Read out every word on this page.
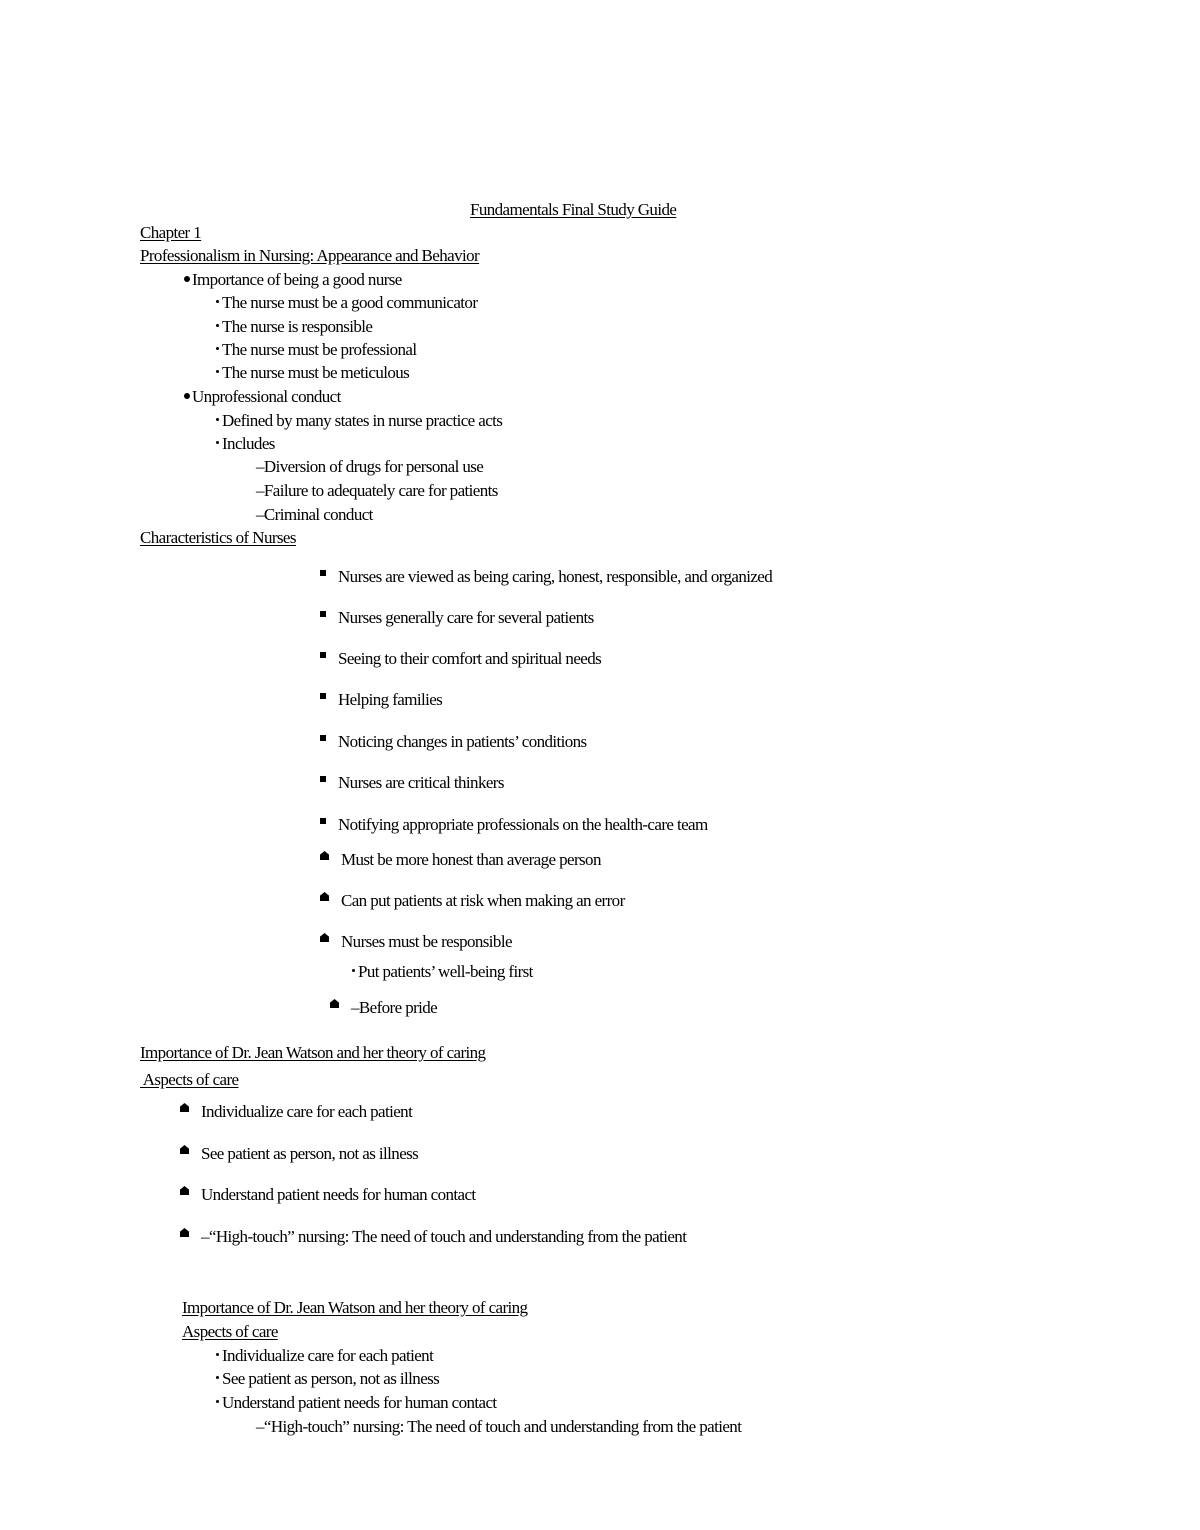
Fundamentals Final Study Guide
Chapter 1
Professionalism in Nursing: Appearance and Behavior
Importance of being a good nurse
The nurse must be a good communicator
The nurse is responsible
The nurse must be professional
The nurse must be meticulous
Unprofessional conduct
Defined by many states in nurse practice acts
Includes
–Diversion of drugs for personal use
–Failure to adequately care for patients
–Criminal conduct
Characteristics of Nurses
Nurses are viewed as being caring, honest, responsible, and organized
Nurses generally care for several patients
Seeing to their comfort and spiritual needs
Helping families
Noticing changes in patients’ conditions
Nurses are critical thinkers
Notifying appropriate professionals on the health-care team
Must be more honest than average person
Can put patients at risk when making an error
Nurses must be responsible
Put patients’ well-being first
–Before pride
Importance of Dr. Jean Watson and her theory of caring
Aspects of care
Individualize care for each patient
See patient as person, not as illness
Understand patient needs for human contact
–“High-touch” nursing: The need of touch and understanding from the patient
Importance of Dr. Jean Watson and her theory of caring
Aspects of care
Individualize care for each patient
See patient as person, not as illness
Understand patient needs for human contact
–“High-touch” nursing: The need of touch and understanding from the patient
